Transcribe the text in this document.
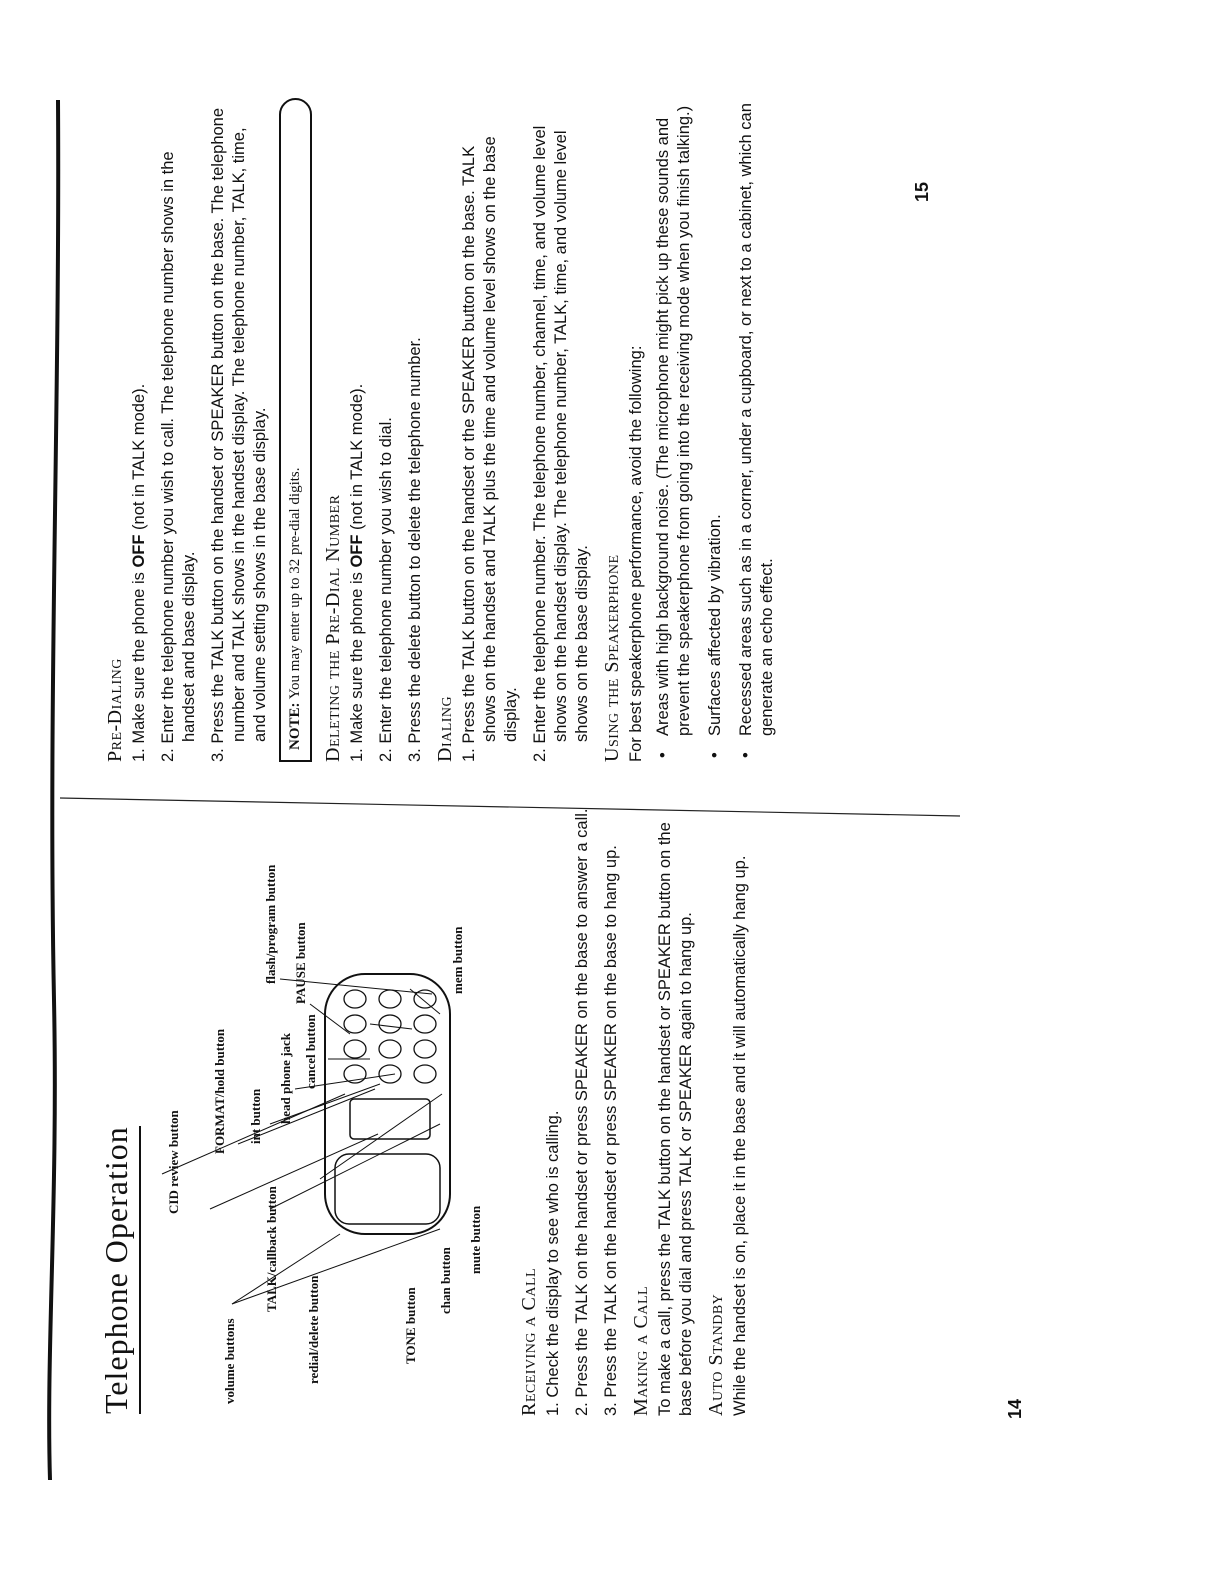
Telephone Operation	volume buttons
CID review button
FORMAT/hold button
TALK/callback button
int button head phone jack
redial/delete button
cancel button
PAUSE button
flash/program button
TONE button
chan button
mute button
mem button
Receiving a Call 1. Check the display to see who is calling. 2. Press the TALK on the handset or press SPEAKER on the base to answer a call. 3. Press the TALK on the handset or press SPEAKER on the base to hang up. Making a Call To make a call, press the TALK button on the handset or SPEAKER button on the base before you dial and press TALK or SPEAKER again to hang up. Auto Standby While the handset is on, place it in the base and it will automatically hang up.	14
Pre-Dialing 1. Make sure the phone is OFF (not in TALK mode). 2. Enter the telephone number you wish to call. The telephone number shows in the handset and base display. 3. Press the TALK button on the handset or SPEAKER button on the base. The telephone number and TALK shows in the handset display. The telephone number, TALK, time, and volume setting shows in the base display.	NOTE: You may enter up to 32 pre-dial digits. Deleting the Pre-Dial Number 1. Make sure the phone is OFF (not in TALK mode). 2. Enter the telephone number you wish to dial. 3. Press the delete button to delete the telephone number. Dialing 1. Press the TALK button on the handset or the SPEAKER button on the base. TALK shows on the handset and TALK plus the time and volume level shows on the base display. 2. Enter the telephone number. The telephone number, channel, time, and volume level shows on the handset display. The telephone number, TALK, time, and volume level shows on the base display. Using the Speakerphone For best speakerphone performance, avoid the following: • Areas with high background noise. (The microphone might pick up these sounds and prevent the speakerphone from going into the receiving mode when you finish talking.) • Surfaces affected by vibration. • Recessed areas such as in a corner, under a cupboard, or next to a cabinet, which can generate an echo effect.
15
